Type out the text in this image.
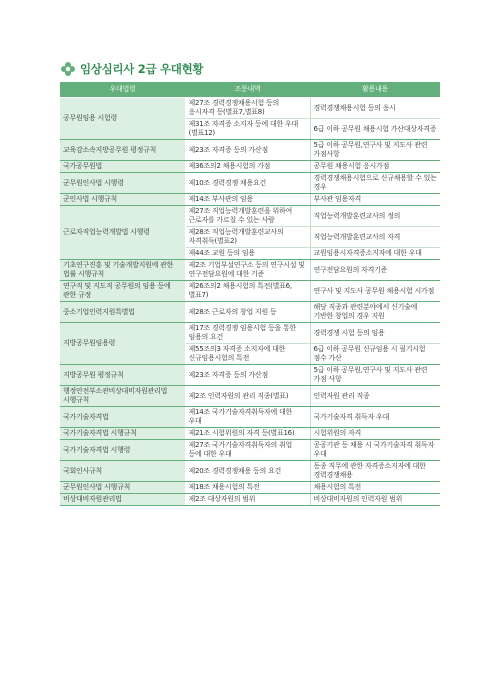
임상심리사 2급 우대현황
우대법령	조문내역	활용내용
공무원임용 시험령	제27조 경력경쟁채용시험 등의 응시자격 등(별표7,별표8)	경력경쟁채용시험 등의 응시
	제31조 자격증 소지자 등에 대한 우대(별표12)	6급 이하 공무원 채용시험 가산대상자격증
교육감소속지방공무원 평정규칙	제23조 자격증 등의 가산점	5급 이하 공무원,연구사 및 지도사 관련 가점사항
국가공무원법	제36조의2 채용시험의 가점	공무원 채용시험 응시가점
군무원인사법 시행령	제10조 경력경쟁 채용요건	경력경쟁채용시험으로 신규채용할 수 있는 경우
군인사법 시행규칙	제14조 부사관의 임용	부사관 임용자격
근로자직업능력개발법 시행령	제27조 직업능력개발훈련을 위하여 근로자를 가르칠 수 있는 사람	직업능력개발훈련교사의 정의
	제28조 직업능력개발훈련교사의 자격취득(별표2)	직업능력개발훈련교사의 자격
	제44조 교원 등의 임용	교원임용시자격증소지자에 대한 우대
기초연구진흥 및 기술개발지원에 관한 법률 시행규칙	제2조 기업부설연구소 등의 연구시설 및 연구전담요원에 대한 기준	연구전담요원의 자격기준
연구직 및 지도직 공무원의 임용 등에 관한 규정	제26조의2 채용시험의 특전(별표6,별표7)	연구사 및 지도사 공무원 채용시험 시가점
중소기업인력지원특별법	제28조 근로자의 창업 지원 등	해당 직종과 관련분야에서 신기술에 기반한 창업의 경우 지원
지방공무원임용령	제17조 경력경쟁 임용시험 등을 통한 임용의 요건	경력경쟁 시험 등의 임용
	제55조의3 자격증 소지자에 대한 신규임용시험의 특전	6급 이하 공무원 신규임용 시 필기시험 점수 가산
지방공무원 평정규칙	제23조 자격증 등의 가산점	5급 이하 공무원,연구사 및 지도사 관련 가점 사항
행정안전부소관비상대비자원관리법 시행규칙	제2조 인력자원의 관리 직종(별표)	인력자원 관리 직종
국가기술자격법	제14조 국가기술자격취득자에 대한 우대	국가기술자격 취득자 우대
국가기술자격법 시행규칙	제21조 시험위원의 자격 등(별표16)	시험위원의 자격
국가기술자격법 시행령	제27조 국가기술자격취득자의 취업 등에 대한 우대	공공기관 등 채용 시 국가기술자격 취득자 우대
국회인사규칙	제20조 경력경쟁채용 등의 요건	동종 직무에 관한 자격증소지자에 대한 경력경쟁채용
군무원인사법 시행규칙	제18조 채용시험의 특전	채용시험의 특전
비상대비자원관리법	제2조 대상자원의 범위	비상대비자원의 인력자원 범위
